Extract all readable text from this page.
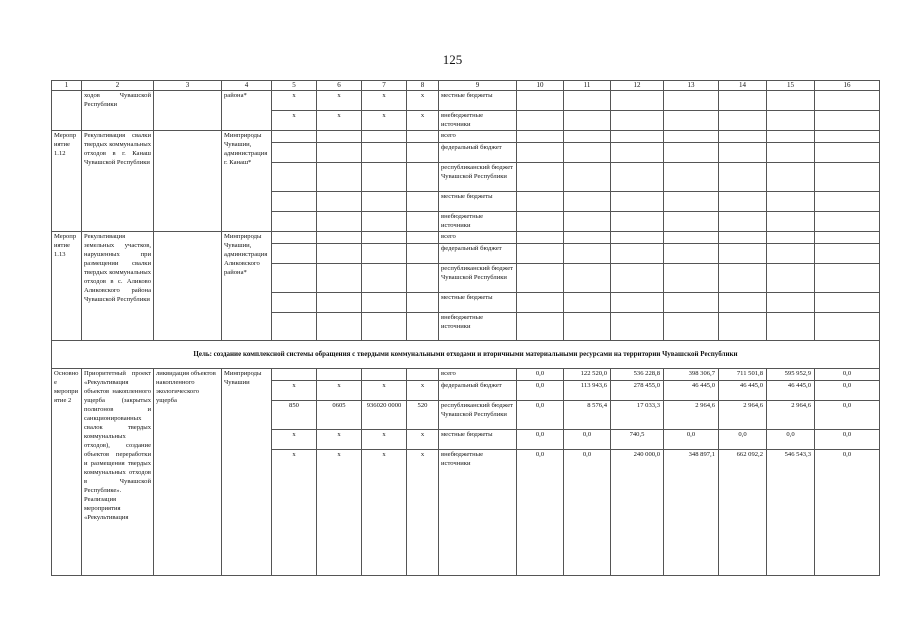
125
1	2	3	4	5	6	7	8	9	10	11	12	13	14	15	16
	ходов Чувашской Республики		района*	x	x	x	x	местные бюджеты							
				x	x	x	x	внебюджетные источники							
Мероприятие 1.12	Рекультивация свалки твердых коммунальных отходов в г. Канаш Чувашской Республики		Минприроды Чувашии, администрация г. Канаш*					всего							
								федеральный бюджет							
								республиканский бюджет Чувашской Республики							
								местные бюджеты							
								внебюджетные источники							
Мероприятие 1.13	Рекультивация земельных участков, нарушенных при размещении свалки твердых коммунальных отходов в с. Аликово Аликовского района Чувашской Республики		Минприроды Чувашии, администрация Аликовского района*					всего							
								федеральный бюджет							
								республиканский бюджет Чувашской Республики							
								местные бюджеты							
								внебюджетные источники							
Цель: создание комплексной системы обращения с твердыми коммунальными отходами и вторичными материальными ресурсами на территории Чувашской Республики															
Основное мероприятие 2	Приоритетный проект «Рекультивация объектов накопленного ущерба (закрытых полигонов и санкционированных свалок твердых коммунальных отходов), создание объектов переработки и размещения твердых коммунальных отходов в Чувашской Республике». Реализация мероприятия «Рекультивация	ликвидация объектов накопленного экологического ущерба	Минприроды Чувашии					всего	0,0	122 520,0	536 228,8	398 306,7	711 501,8	595 952,9	0,0
				x	x	x	x	федеральный бюджет	0,0	113 943,6	278 455,0	46 445,0	46 445,0	46 445,0	0,0
				850	0605	936020 0000	520	республиканский бюджет Чувашской Республики	0,0	8 576,4	17 033,3	2 964,6	2 964,6	2 964,6	0,0
				x	x	x	x	местные бюджеты	0,0	0,0	740,5	0,0	0,0	0,0	0,0
				x	x	x	x	внебюджетные источники	0,0	0,0	240 000,0	348 897,1	662 092,2	546 543,3	0,0
